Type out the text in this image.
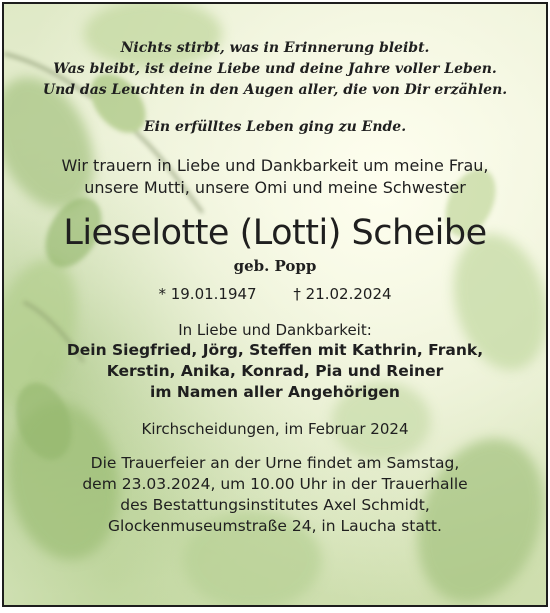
Nichts stirbt, was in Erinnerung bleibt.
Was bleibt, ist deine Liebe und deine Jahre voller Leben.
Und das Leuchten in den Augen aller, die von Dir erzählen.
Ein erfülltes Leben ging zu Ende.
Wir trauern in Liebe und Dankbarkeit um meine Frau,
unsere Mutti, unsere Omi und meine Schwester
Lieselotte (Lotti) Scheibe
geb. Popp
* 19.01.1947 † 21.02.2024
In Liebe und Dankbarkeit:
Dein Siegfried, Jörg, Steffen mit Kathrin, Frank,
Kerstin, Anika, Konrad, Pia und Reiner
im Namen aller Angehörigen
Kirchscheidungen, im Februar 2024
Die Trauerfeier an der Urne findet am Samstag,
dem 23.03.2024, um 10.00 Uhr in der Trauerhalle
des Bestattungsinstitutes Axel Schmidt,
Glockenmuseumstraße 24, in Laucha statt.
